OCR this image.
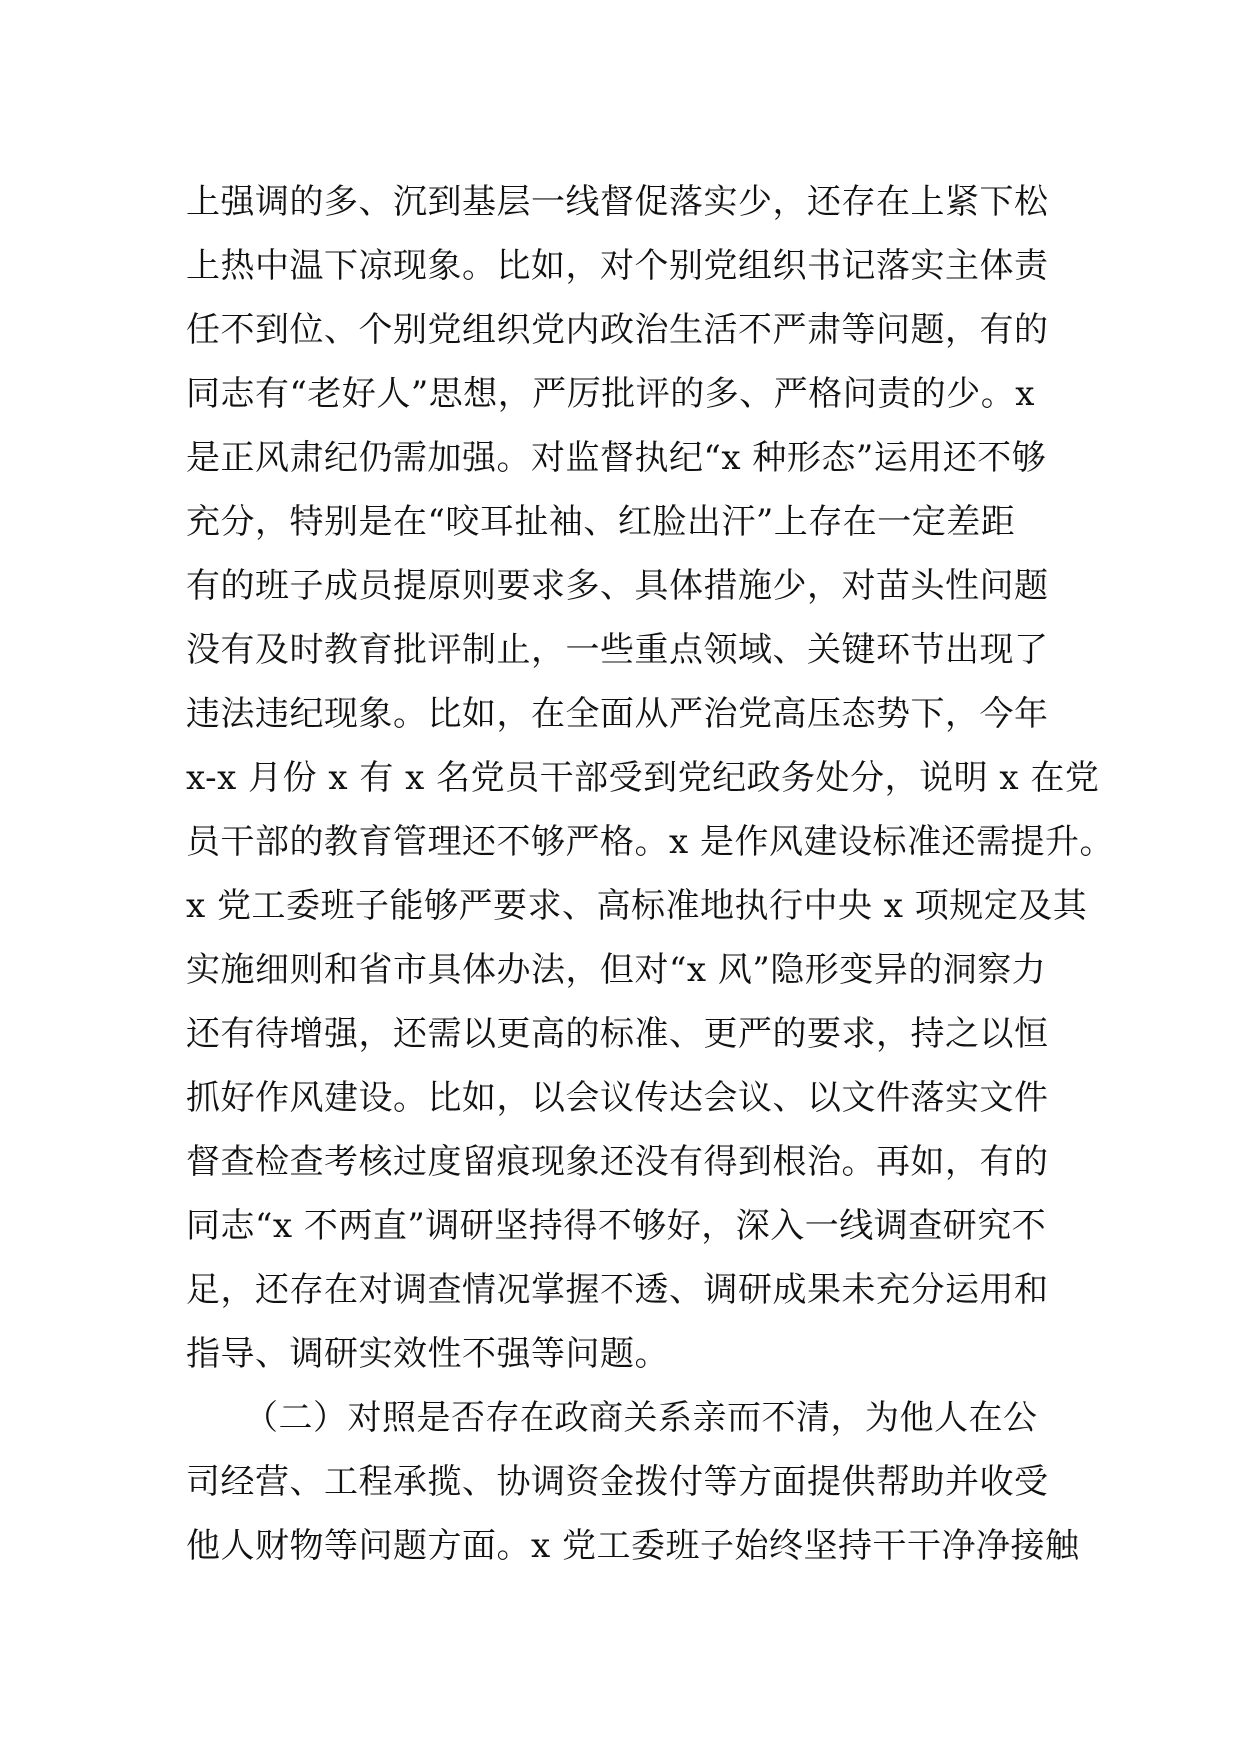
上强调的多、沉到基层一线督促落实少，还存在上紧下松
上热中温下凉现象。比如，对个别党组织书记落实主体责
任不到位、个别党组织党内政治生活不严肃等问题，有的
同志有“老好人”思想，严厉批评的多、严格问责的少。x
是正风肃纪仍需加强。对监督执纪“x 种形态”运用还不够
充分，特别是在“咬耳扯袖、红脸出汗”上存在一定差距
有的班子成员提原则要求多、具体措施少，对苗头性问题
没有及时教育批评制止，一些重点领域、关键环节出现了
违法违纪现象。比如，在全面从严治党高压态势下，今年
x-x 月份 x 有 x 名党员干部受到党纪政务处分，说明 x 在党
员干部的教育管理还不够严格。x 是作风建设标准还需提升。
x 党工委班子能够严要求、高标准地执行中央 x 项规定及其
实施细则和省市具体办法，但对“x 风”隐形变异的洞察力
还有待增强，还需以更高的标准、更严的要求，持之以恒
抓好作风建设。比如，以会议传达会议、以文件落实文件
督查检查考核过度留痕现象还没有得到根治。再如，有的
同志“x 不两直”调研坚持得不够好，深入一线调查研究不
足，还存在对调查情况掌握不透、调研成果未充分运用和
指导、调研实效性不强等问题。
（二）对照是否存在政商关系亲而不清，为他人在公
司经营、工程承揽、协调资金拨付等方面提供帮助并收受
他人财物等问题方面。x 党工委班子始终坚持干干净净接触
